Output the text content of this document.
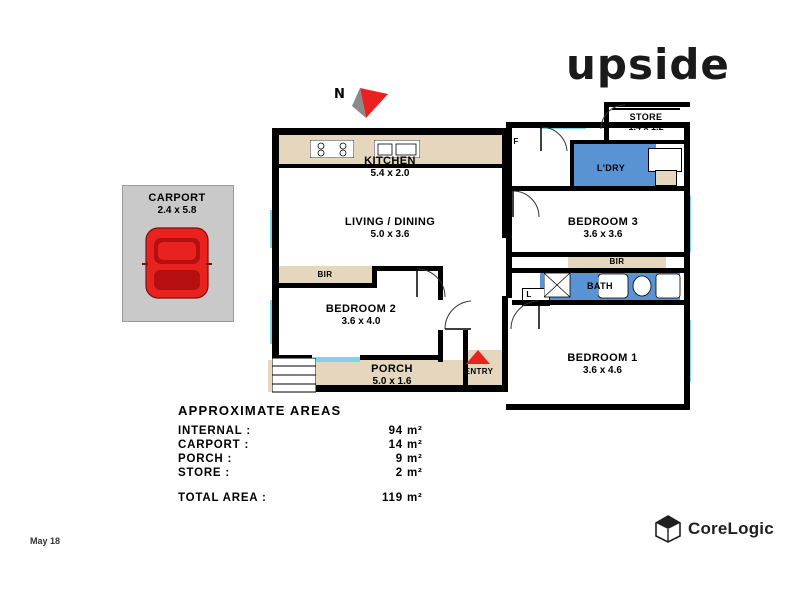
upside
N
CARPORT
2.4 x 5.8
KITCHEN
5.4 x 2.0
LIVING / DINING
5.0 x 3.6
BEDROOM 2
3.6 x 4.0
BEDROOM 3
3.6 x 3.6
BEDROOM 1
3.6 x 4.6
STORE
1.4 x 1.2
PORCH
5.0 x 1.6
L'DRY
BATH
ENTRY
BIR
BIR
F
L
APPROXIMATE AREAS
INTERNAL :	94 m²
CARPORT :	14 m²
PORCH :	9 m²
STORE :	2 m²
TOTAL AREA :	119 m²
May 18
CoreLogic
